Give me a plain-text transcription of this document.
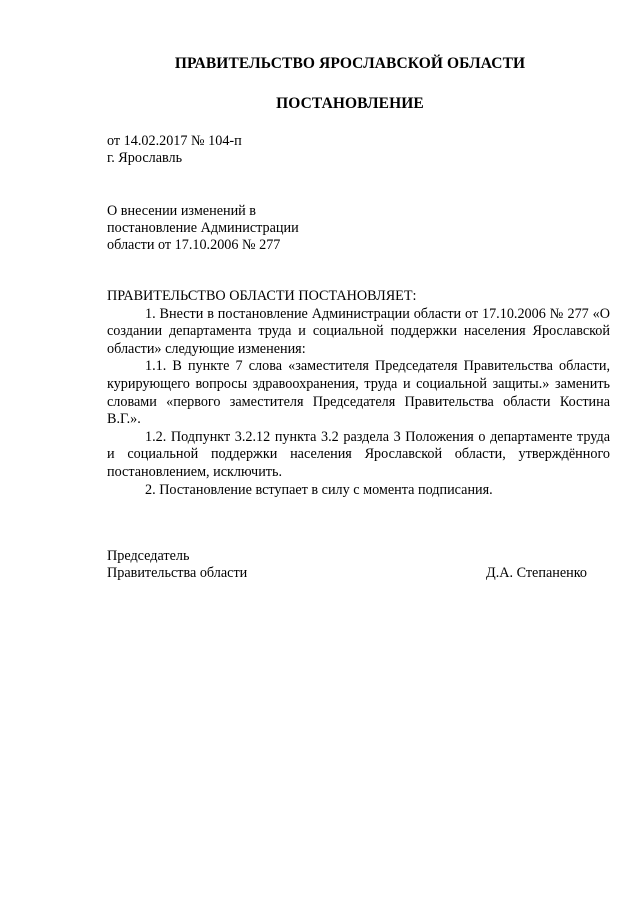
ПРАВИТЕЛЬСТВО ЯРОСЛАВСКОЙ ОБЛАСТИ
ПОСТАНОВЛЕНИЕ
от 14.02.2017 № 104-п
г. Ярославль
О внесении изменений в
постановление Администрации
области от 17.10.2006 № 277

ПРАВИТЕЛЬСТВО ОБЛАСТИ ПОСТАНОВЛЯЕТ:

1. Внести в постановление Администрации области от 17.10.2006 № 277 «О создании департамента труда и социальной поддержки населения Ярославской области» следующие изменения:

1.1. В пункте 7 слова «заместителя Председателя Правительства области, курирующего вопросы здравоохранения, труда и социальной защиты.» заменить словами «первого заместителя Председателя Правительства области Костина В.Г.».

1.2. Подпункт 3.2.12 пункта 3.2 раздела 3 Положения о департаменте труда и социальной поддержки населения Ярославской области, утверждённого постановлением, исключить.

2. Постановление вступает в силу с момента подписания.

Председатель
Правительства области	Д.А. Степаненко
